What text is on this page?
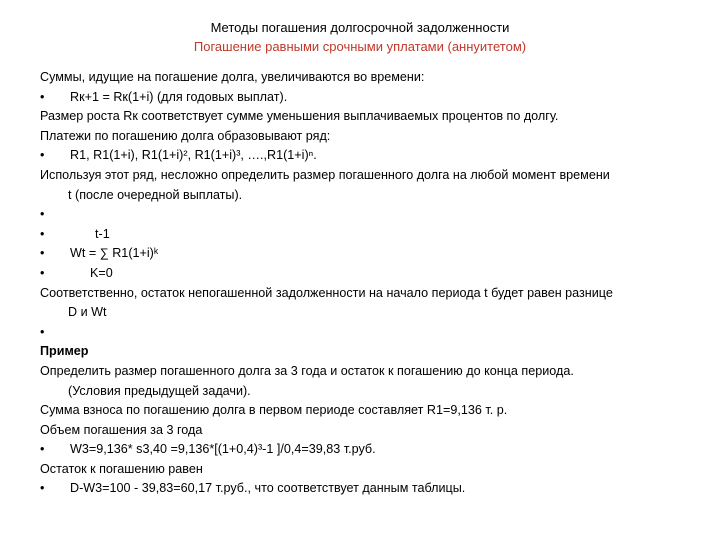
Методы погашения долгосрочной задолженности
Погашение равными срочными уплатами (аннуитетом)
Суммы, идущие на погашение долга, увеличиваются во времени:
•	Rк+1 = Rк(1+i) (для годовых выплат).
Размер роста Rк соответствует сумме уменьшения выплачиваемых процентов по долгу.
Платежи по погашению долга образовывают ряд:
•	R1, R1(1+i), R1(1+i)², R1(1+i)³, ….,R1(1+i)ⁿ.
Используя этот ряд, несложно определить размер погашенного долга на любой момент времени
t (после очередной выплаты).
•
•	t-1
•	Wt = ∑ R1(1+i)ᵏ
•	K=0
Соответственно, остаток непогашенной задолженности на начало периода t будет равен разнице
D и Wt
•
Пример
Определить размер погашенного долга за 3 года и остаток к погашению до конца периода.
(Условия предыдущей задачи).
Сумма взноса по погашению долга в первом периоде составляет R1=9,136 т. р.
Объем погашения за 3 года
•	W3=9,136* s3,40 =9,136*[(1+0,4)³-1 ]/0,4=39,83 т.руб.
Остаток к погашению равен
•	D-W3=100 - 39,83=60,17 т.руб., что соответствует данным таблицы.
